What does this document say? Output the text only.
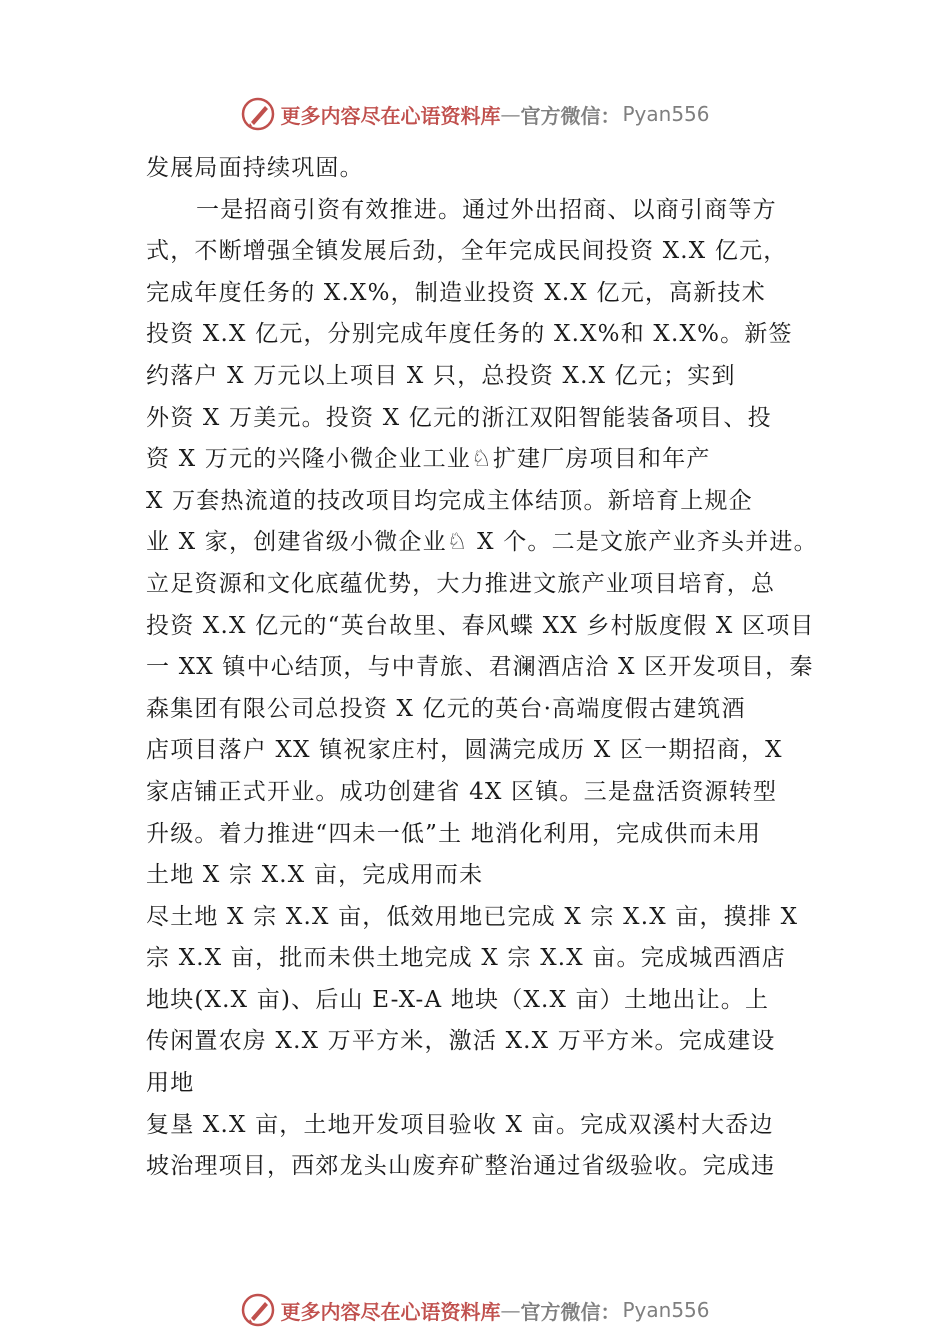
更多内容尽在心语资料库 — 官方微信： Pyan556
发展局面持续巩固。
一是招商引资有效推进。通过外出招商、以商引商等方
式，不断增强全镇发展后劲，全年完成民间投资 X.X 亿元，
完成年度任务的 X.X%，制造业投资 X.X 亿元，高新技术
投资 X.X 亿元，分别完成年度任务的 X.X%和 X.X%。新签
约落户 X 万元以上项目 X 只，总投资 X.X 亿元；实到
外资 X 万美元。投资 X 亿元的浙江双阳智能装备项目、投
资 X 万元的兴隆小微企业工业♘扩建厂房项目和年产
X 万套热流道的技改项目均完成主体结顶。新培育上规企
业 X 家，创建省级小微企业♘ X 个。二是文旅产业齐头并进。
立足资源和文化底蕴优势，大力推进文旅产业项目培育，总
投资 X.X 亿元的“英台故里、春风蝶 XX 乡村版度假 X 区项目
一 XX 镇中心结顶，与中青旅、君澜酒店洽 X 区开发项目，秦
森集团有限公司总投资 X 亿元的英台·高端度假古建筑酒
店项目落户 XX 镇祝家庄村，圆满完成历 X 区一期招商，X
家店铺正式开业。成功创建省 4X 区镇。三是盘活资源转型
升级。着力推进“四未一低”土 地消化利用，完成供而未用
土地 X 宗 X.X 亩，完成用而未
尽土地 X 宗 X.X 亩，低效用地已完成 X 宗 X.X 亩，摸排 X
宗 X.X 亩，批而未供土地完成 X 宗 X.X 亩。完成城西酒店
地块(X.X 亩)、后山 E-X-A 地块（X.X 亩）土地出让。上
传闲置农房 X.X 万平方米，激活 X.X 万平方米。完成建设
用地
复垦 X.X 亩，土地开发项目验收 X 亩。完成双溪村大岙边
坡治理项目，西郊龙头山废弃矿整治通过省级验收。完成违
更多内容尽在心语资料库 — 官方微信： Pyan556
